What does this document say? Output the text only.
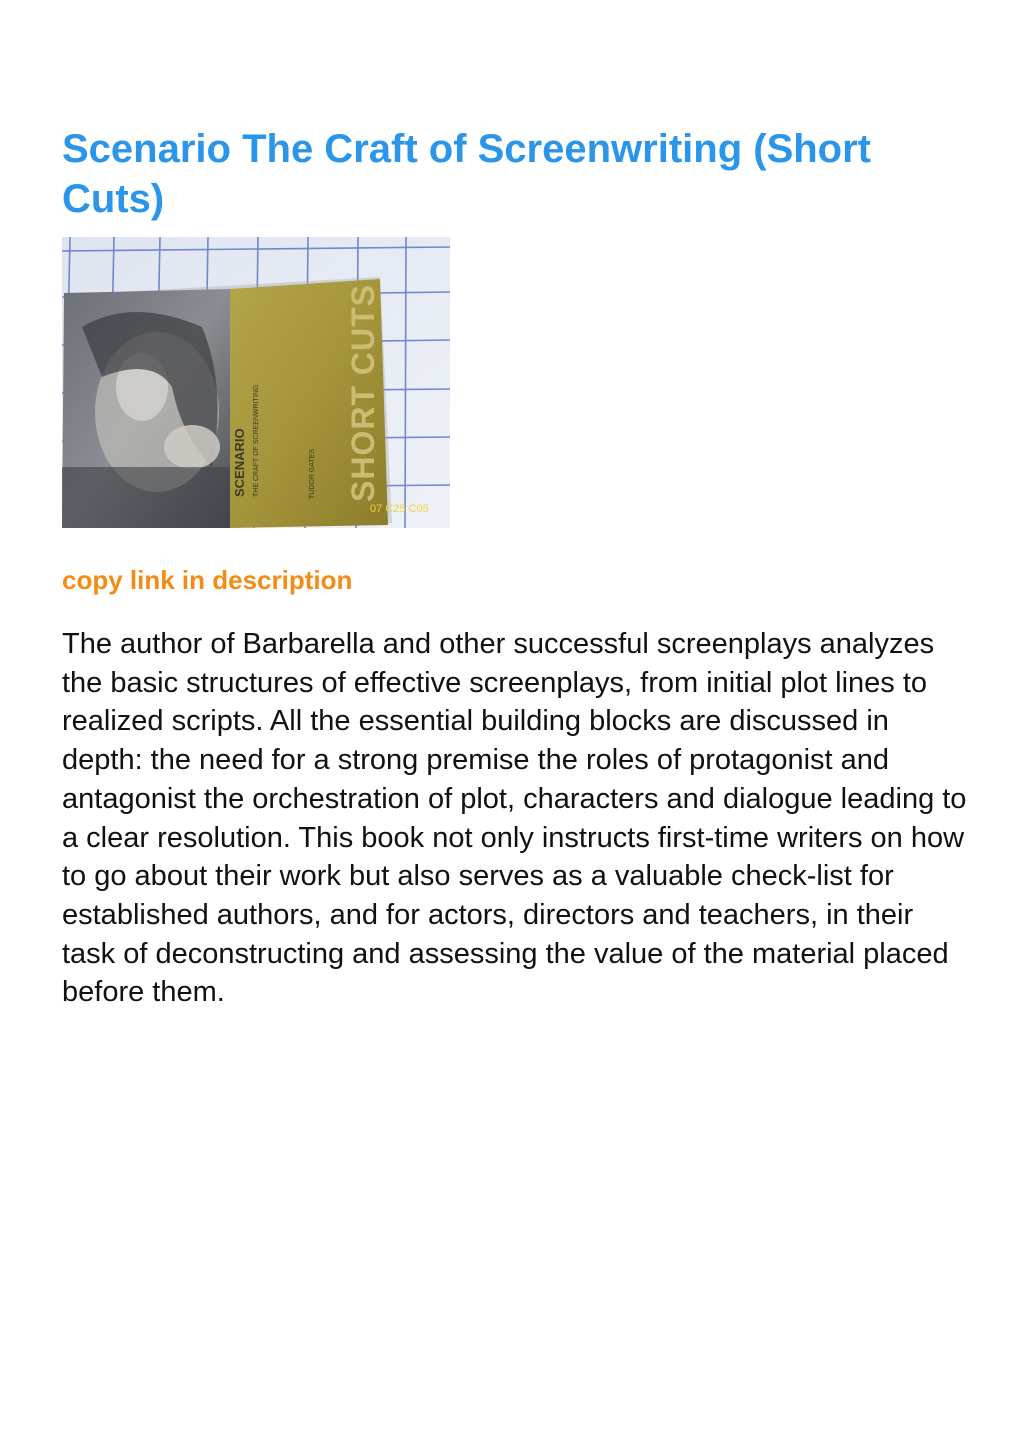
Scenario The Craft of Screenwriting (Short Cuts)
SHORT CUTS
SCENARIO THE CRAFT OF SCREENWRITING	TUDOR GATES
07 C25 C05
copy link in description

The author of Barbarella and other successful screenplays analyzes the basic structures of effective screenplays, from initial plot lines to realized scripts. All the essential building blocks are discussed in depth: the need for a strong premise the roles of protagonist and antagonist the orchestration of plot, characters and dialogue leading to a clear resolution. This book not only instructs first-time writers on how to go about their work but also serves as a valuable check-list for established authors, and for actors, directors and teachers, in their task of deconstructing and assessing the value of the material placed before them.
